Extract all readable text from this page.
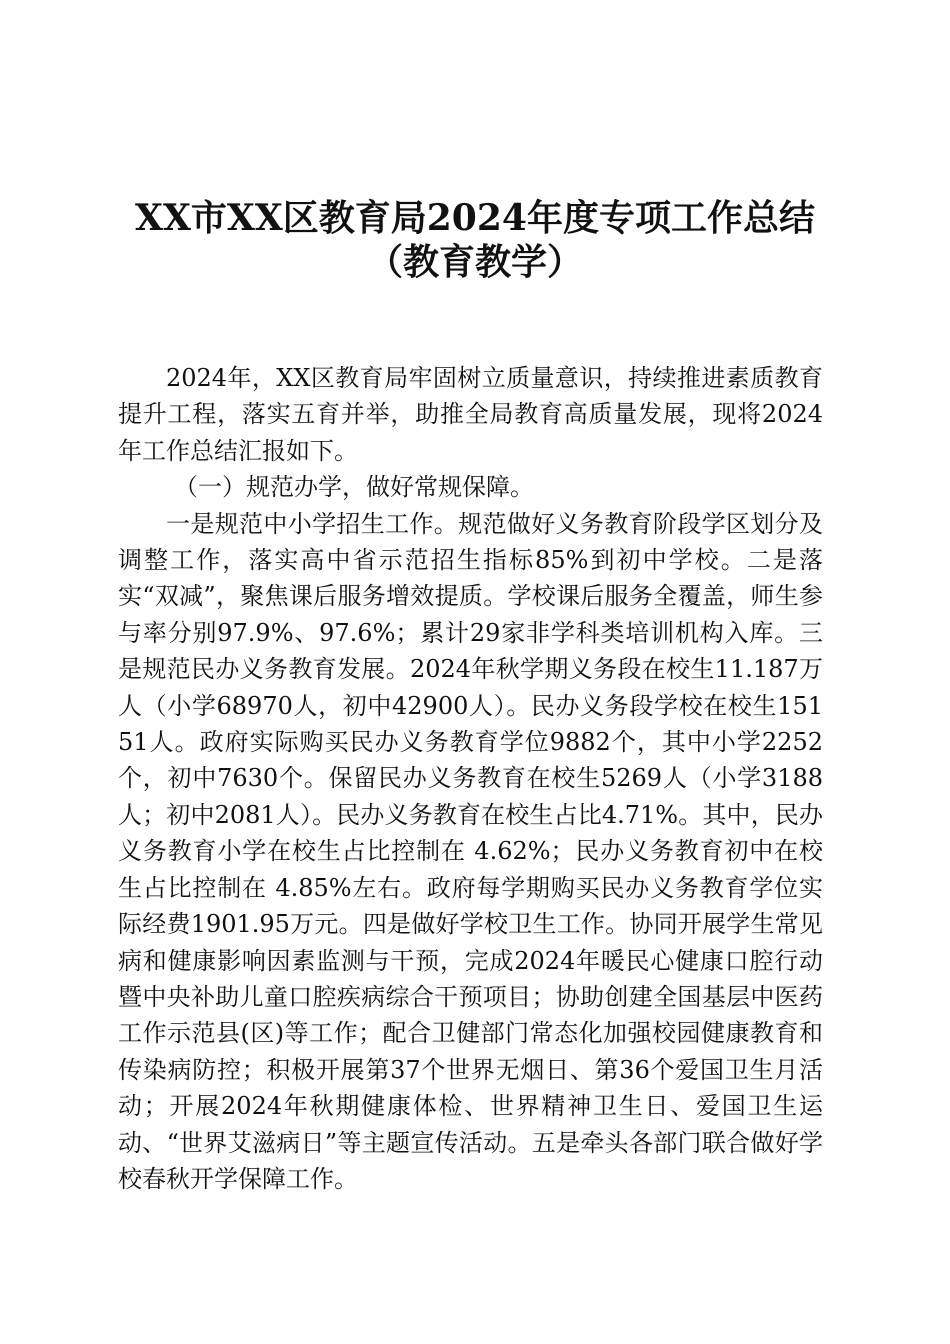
XX市XX区教育局2024年度专项工作总结
（教育教学）

2024年，XX区教育局牢固树立质量意识，持续推进素质教育提升工程，落实五育并举，助推全局教育高质量发展，现将2024年工作总结汇报如下。

（一）规范办学，做好常规保障。

一是规范中小学招生工作。规范做好义务教育阶段学区划分及调整工作，落实高中省示范招生指标85%到初中学校。二是落实“双减”，聚焦课后服务增效提质。学校课后服务全覆盖，师生参与率分别97.9%、97.6%；累计29家非学科类培训机构入库。三是规范民办义务教育发展。2024年秋学期义务段在校生11.187万人（小学68970人，初中42900人）。民办义务段学校在校生15151人。政府实际购买民办义务教育学位9882个，其中小学2252个，初中7630个。保留民办义务教育在校生5269人（小学3188人；初中2081人）。民办义务教育在校生占比4.71%。其中，民办义务教育小学在校生占比控制在 4.62%；民办义务教育初中在校生占比控制在 4.85%左右。政府每学期购买民办义务教育学位实际经费1901.95万元。四是做好学校卫生工作。协同开展学生常见病和健康影响因素监测与干预，完成2024年暖民心健康口腔行动暨中央补助儿童口腔疾病综合干预项目；协助创建全国基层中医药工作示范县(区)等工作；配合卫健部门常态化加强校园健康教育和传染病防控；积极开展第37个世界无烟日、第36个爱国卫生月活动；开展2024年秋期健康体检、世界精神卫生日、爱国卫生运动、“世界艾滋病日”等主题宣传活动。五是牵头各部门联合做好学校春秋开学保障工作。
